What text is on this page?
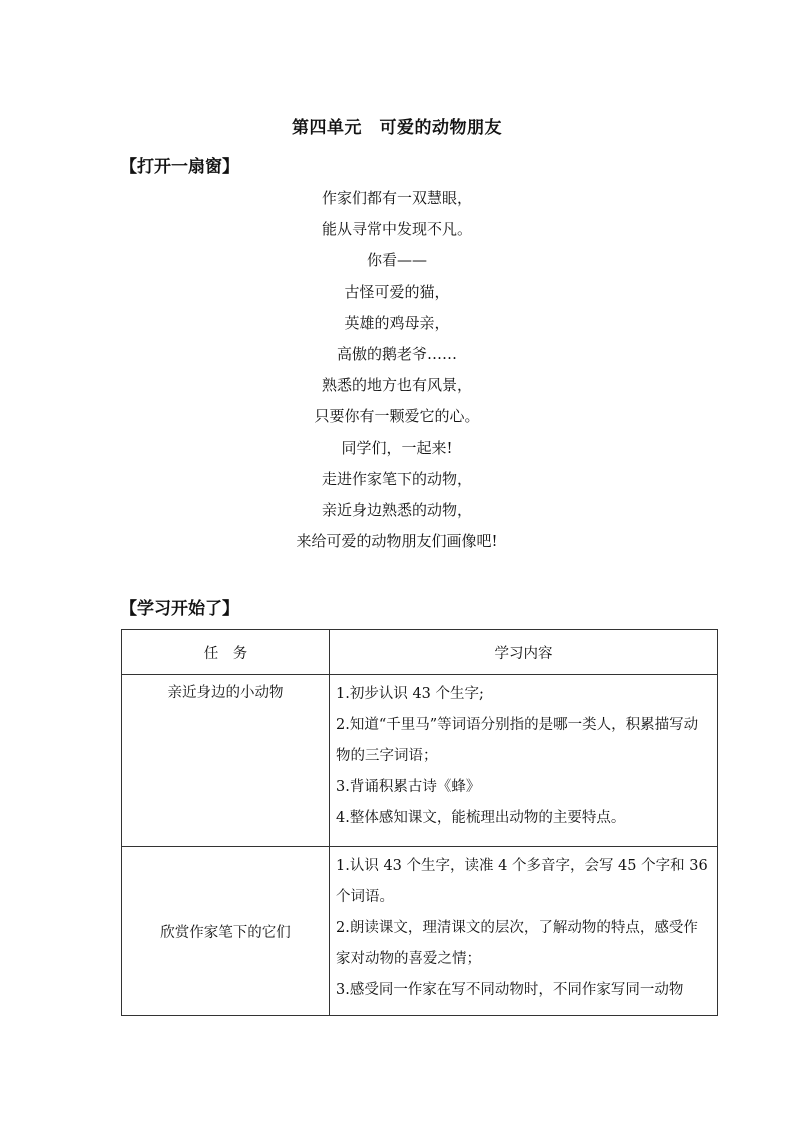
第四单元　可爱的动物朋友
【打开一扇窗】
作家们都有一双慧眼，
能从寻常中发现不凡。
你看——
古怪可爱的猫，
英雄的鸡母亲，
高傲的鹅老爷……
熟悉的地方也有风景，
只要你有一颗爱它的心。
同学们，一起来!
走进作家笔下的动物，
亲近身边熟悉的动物，
来给可爱的动物朋友们画像吧!
【学习开始了】
任　务	学习内容
亲近身边的小动物	1.初步认识 43 个生字;
2.知道“千里马”等词语分别指的是哪一类人，积累描写动物的三字词语；
3.背诵积累古诗《蜂》
4.整体感知课文，能梳理出动物的主要特点。

欣赏作家笔下的它们	1.认识 43 个生字，读准 4 个多音字，会写 45 个字和 36 个词语。
2.朗读课文，理清课文的层次，了解动物的特点，感受作家对动物的喜爱之情；
3.感受同一作家在写不同动物时，不同作家写同一动物
